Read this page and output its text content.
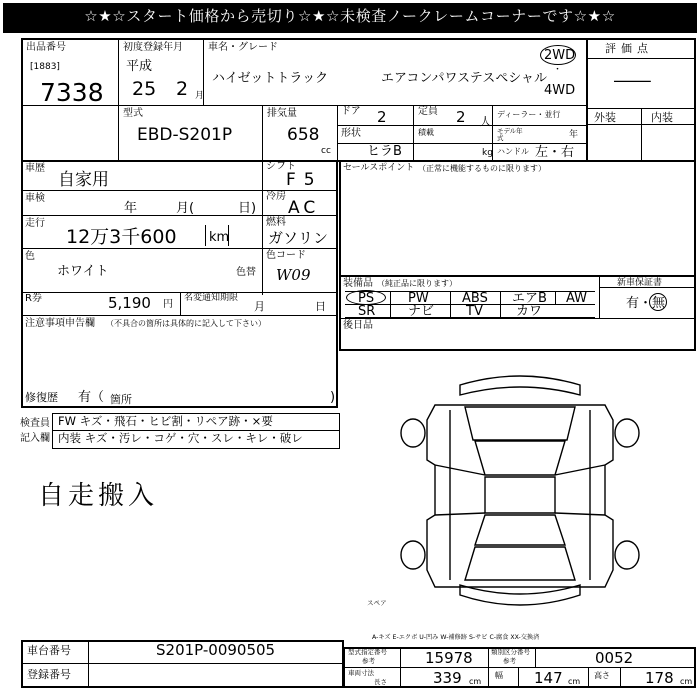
☆★☆スタート価格から売切り☆★☆未検査ノークレームコーナーです☆★☆
出品番号
[1883]
7338
初度登録年月
平成
25 2 月
車名・グレード
ハイゼットトラック	エアコンパワステスペシャル
2WD
・
4WD
評価点
—
外装	内装
型式
EBD-S201P
排気量
658
cc
ドア 2	定員 2 人
ディーラー・並行
形状
ヒラB
積載
kg
モデル年式	年
ハンドル 左・右
車歴
自家用
シフト
F5
車検
年	月(	日)
冷房
AC
走行
12万3千600 km
燃料
ガソリン
色
ホワイト	色替
色コード
W09
R券	5,190 円
名変通知期限
月	日
注意事項申告欄 （不具合の箇所は具体的に記入して下さい）
修復歴 有（ 箇所	)
セールスポイント （正常に機能するものに限ります）
装備品 （純正品に限ります）	新車保証書
有・無
PS	PW	ABS エアB AW
SR	ナビ TV	カワ
後日品
検査員
記入欄
FW キズ・飛石・ヒビ割・リペア跡・×要
内装 キズ・汚レ・コゲ・穴・スレ・キレ・破レ
自走搬入
スペア
A-キズ E-エクボ U-凹み W-補修跡 S-サビ C-腐食 XX-交換済
車台番号	S201P-0090505
登録番号
型式指定番号
参考	15978	類別区分番号
参考	0052
車両寸法
長さ	339 cm
幅 147 cm
高さ 178 cm
